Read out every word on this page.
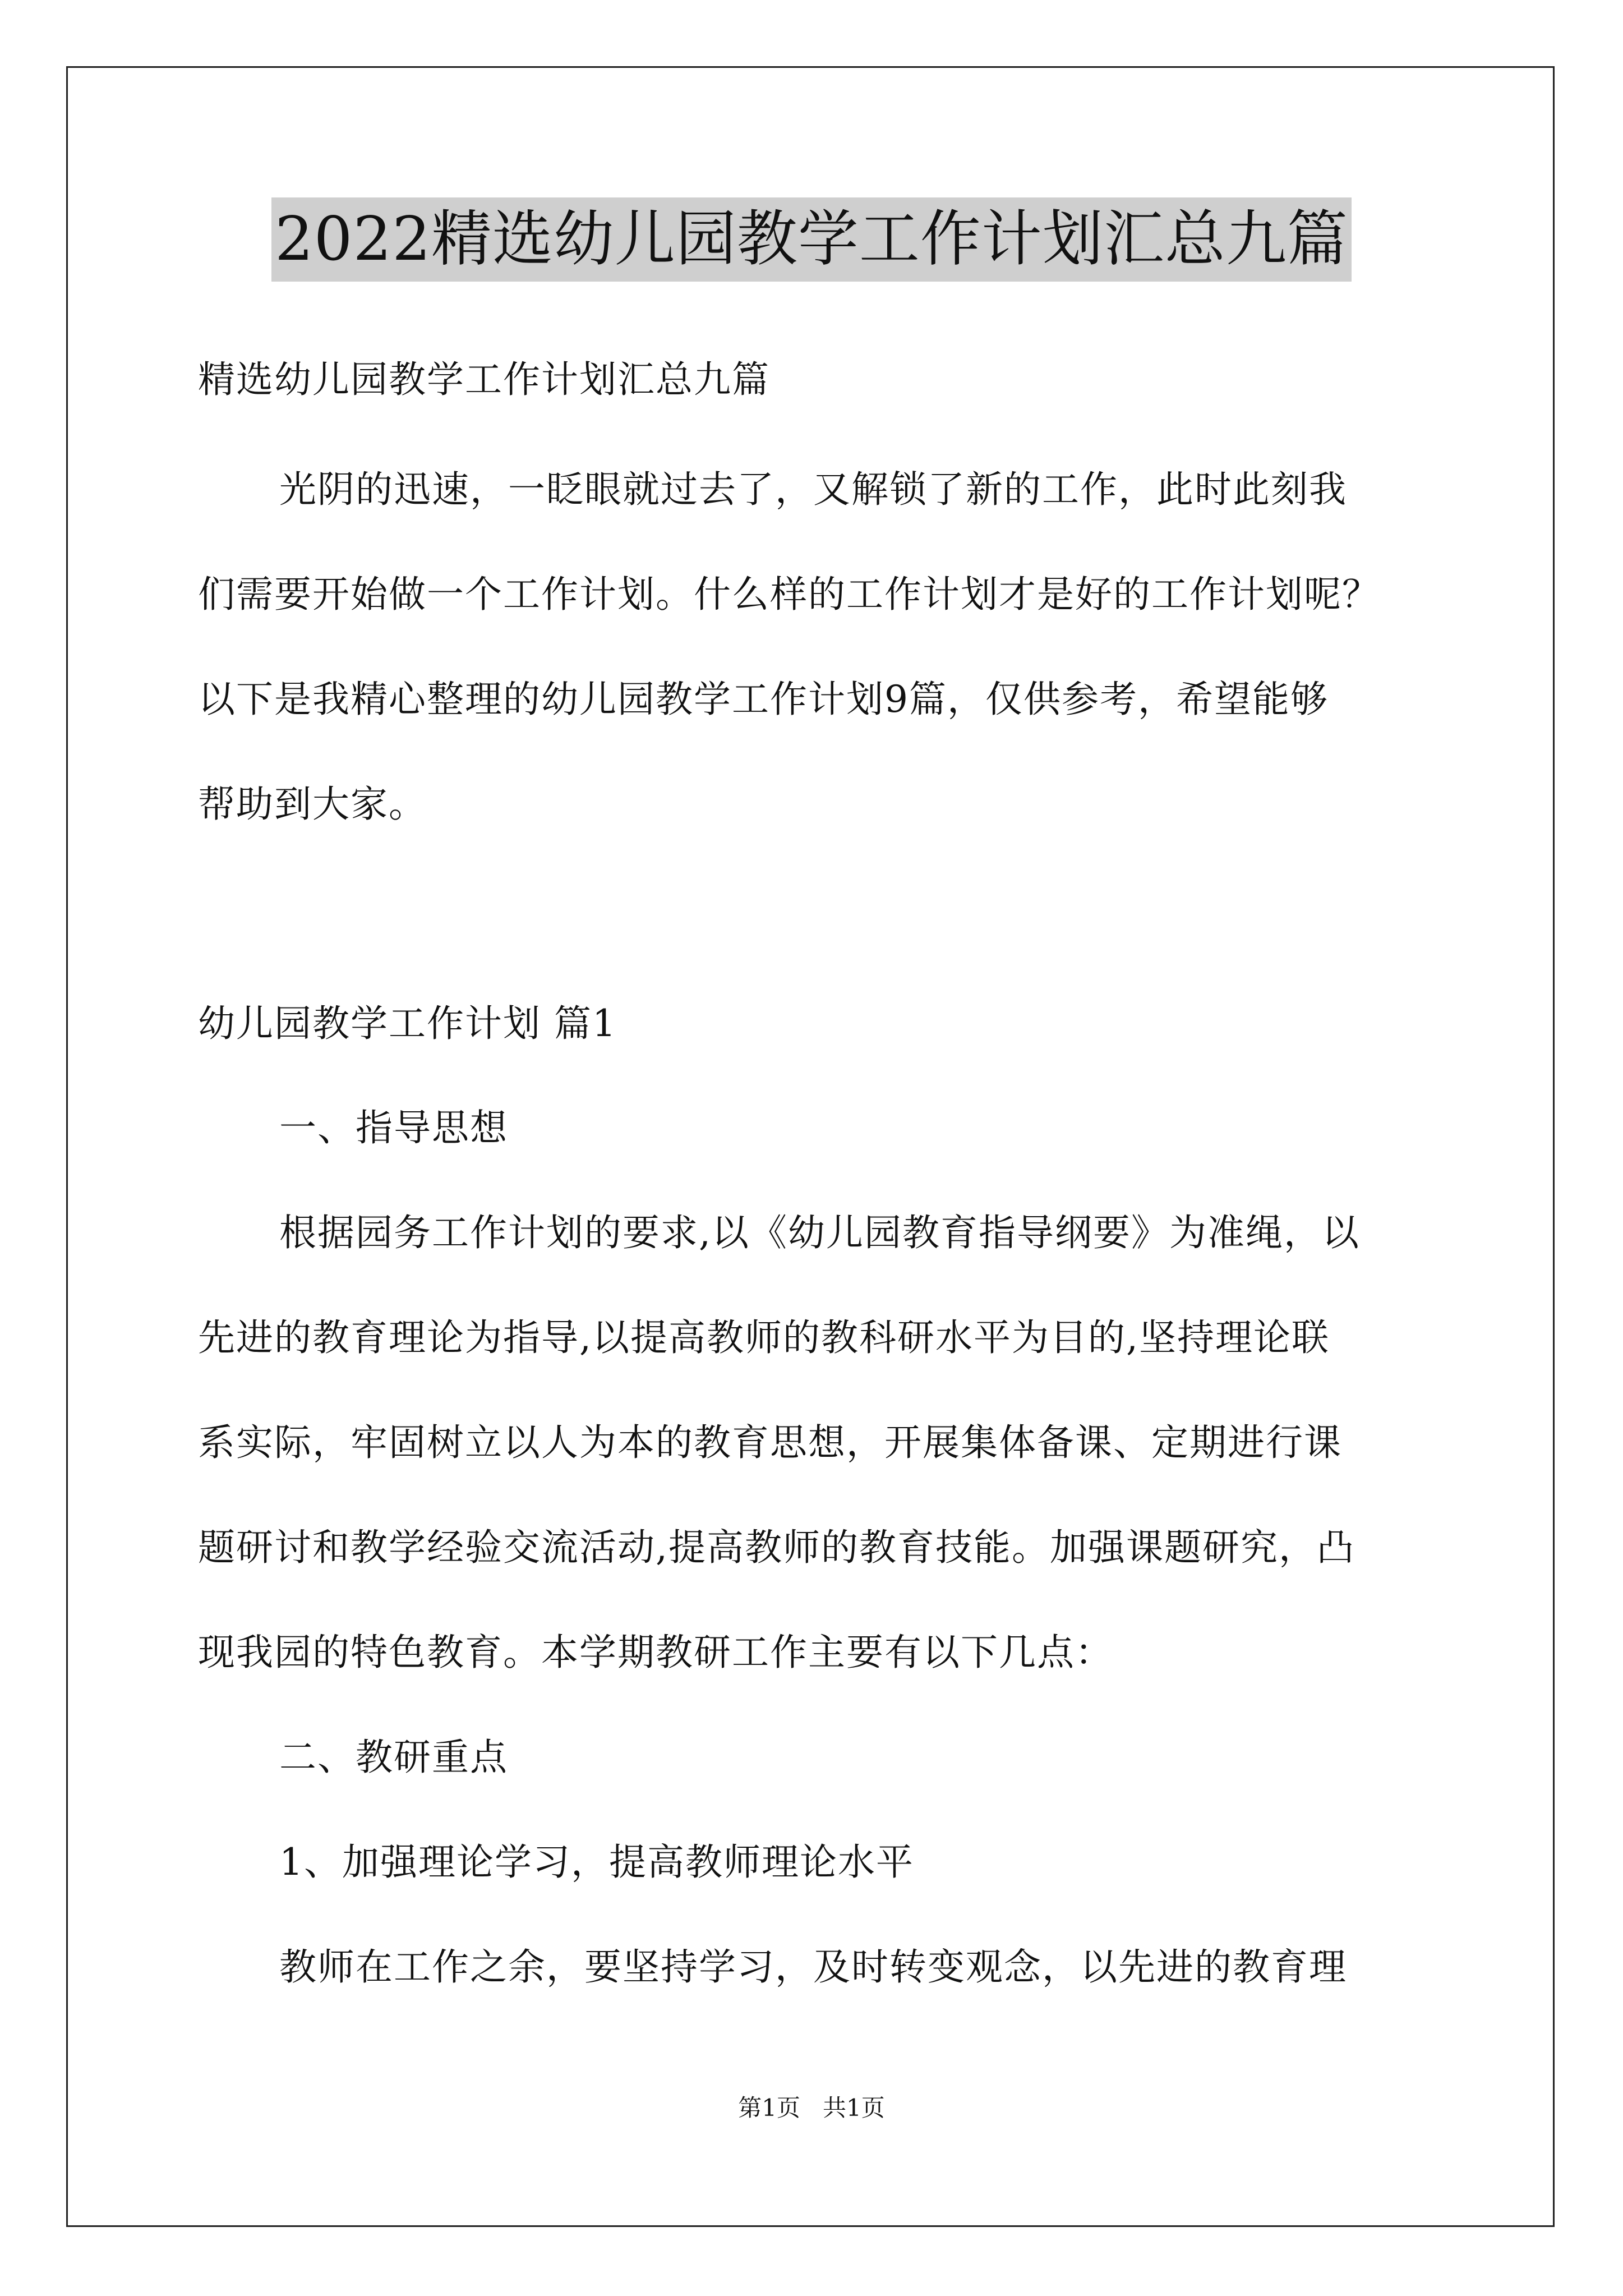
2022精选幼儿园教学工作计划汇总九篇
精选幼儿园教学工作计划汇总九篇
光阴的迅速，一眨眼就过去了，又解锁了新的工作，此时此刻我
们需要开始做一个工作计划。什么样的工作计划才是好的工作计划呢？
以下是我精心整理的幼儿园教学工作计划9篇，仅供参考，希望能够
帮助到大家。
幼儿园教学工作计划 篇1
一、指导思想
根据园务工作计划的要求,以《幼儿园教育指导纲要》为准绳，以
先进的教育理论为指导,以提高教师的教科研水平为目的,坚持理论联
系实际，牢固树立以人为本的教育思想，开展集体备课、定期进行课
题研讨和教学经验交流活动,提高教师的教育技能。加强课题研究，凸
现我园的特色教育。本学期教研工作主要有以下几点：
二、教研重点
1、加强理论学习，提高教师理论水平
教师在工作之余，要坚持学习，及时转变观念，以先进的教育理
第1页   共1页
